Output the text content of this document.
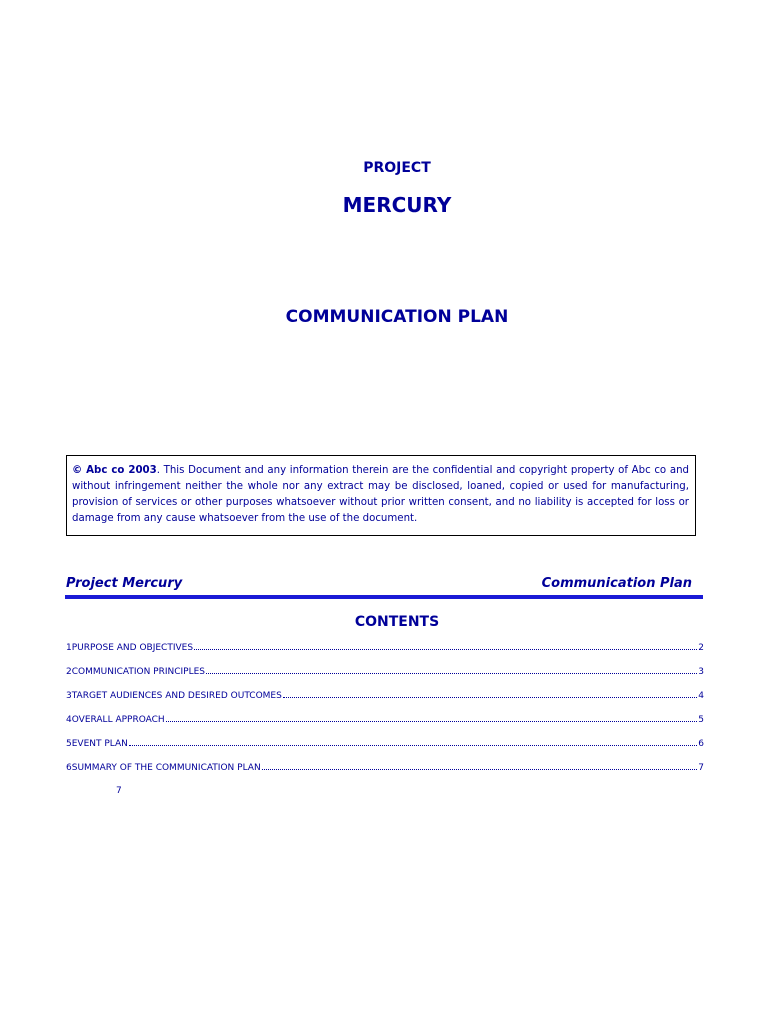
PROJECT
MERCURY
COMMUNICATION PLAN
© Abc co 2003. This Document and any information therein are the confidential and copyright property of Abc co and without infringement neither the whole nor any extract may be disclosed, loaned, copied or used for manufacturing, provision of services or other purposes whatsoever without prior written consent, and no liability is accepted for loss or damage from any cause whatsoever from the use of the document.
Project Mercury	Communication Plan
CONTENTS
1 PURPOSE AND OBJECTIVES	2
2 COMMUNICATION PRINCIPLES	3
3 TARGET AUDIENCES AND DESIRED OUTCOMES	4
4 OVERALL APPROACH	5
5 EVENT PLAN	6
6 SUMMARY OF THE COMMUNICATION PLAN	7
7
